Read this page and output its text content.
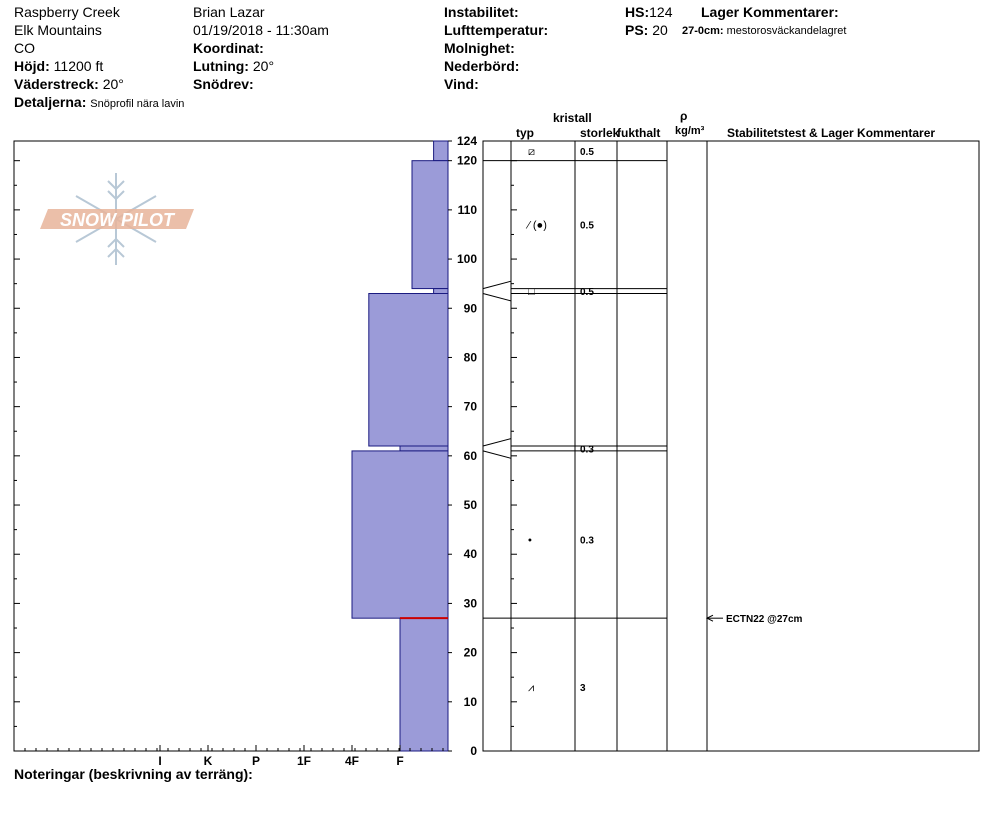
Raspberry Creek
Elk Mountains
CO
Höjd: 11200 ft
Väderstreck: 20°
Detaljerna: Snöprofil nära lavin
Brian Lazar
01/19/2018 - 11:30am
Koordinat:
Lutning: 20°
Snödrev:
Instabilitet:
Lufttemperatur:
Molnighet:
Nederbörd:
Vind:
HS:124
PS: 20
Lager Kommentarer:
27-0cm: mestorosväckandelagret
kristall
typ	storlek
fukthalt
ρ
kg/m³ Stabilitetstest & Lager Kommentarer
Noteringar (beskrivning av terräng):
SNOW PILOT
F
4F
1F
P
K
I
0
10
20
30
40
50
60
70
80
90
100
110
120
124
⧄	0.5
⁄ (●)	0.5
□	0.5
0.3
•	0.3
⩘	3
ECTN22 @27cm
